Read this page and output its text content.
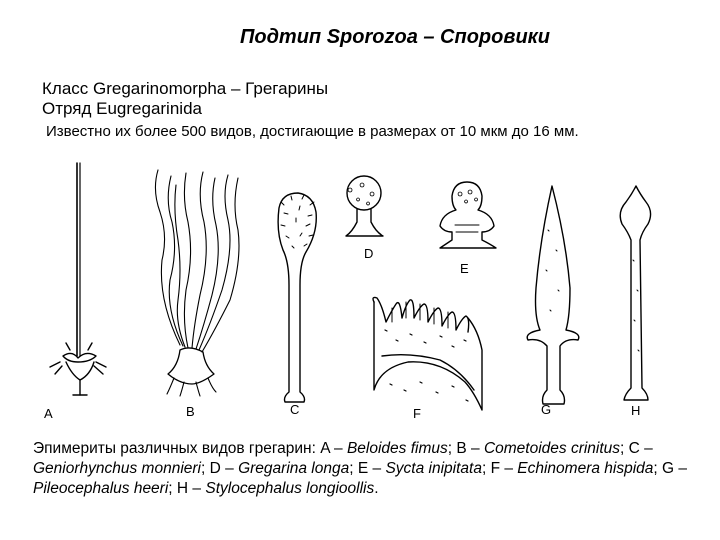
Подтип Sporozoa – Споровики
Класс Gregarinomorpha – Грегарины
Отряд Eugregarinida
Известно их более 500 видов, достигающие в размерах от 10 мкм до 16 мм.
A	B	C
D
E
F	G	H
Эпимериты различных видов грегарин: A – Beloides fimus; B – Cometoides crinitus; C – Geniorhynchus monnieri; D – Gregarina longa; E – Sycta inipitata; F – Echinomera hispida; G – Pileocephalus heeri; H – Stylocephalus longioollis.
